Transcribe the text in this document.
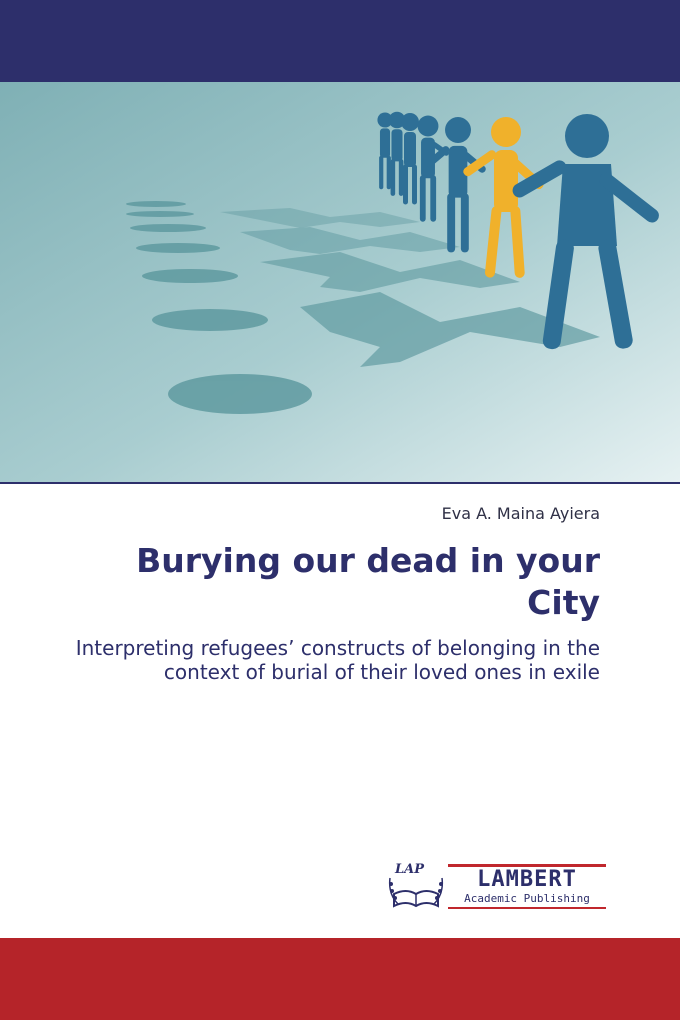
Eva A. Maina Ayiera
Burying our dead in your City
Interpreting refugees’ constructs of belonging in the context of burial of their loved ones in exile
LAP	LAMBERT
Academic Publishing
